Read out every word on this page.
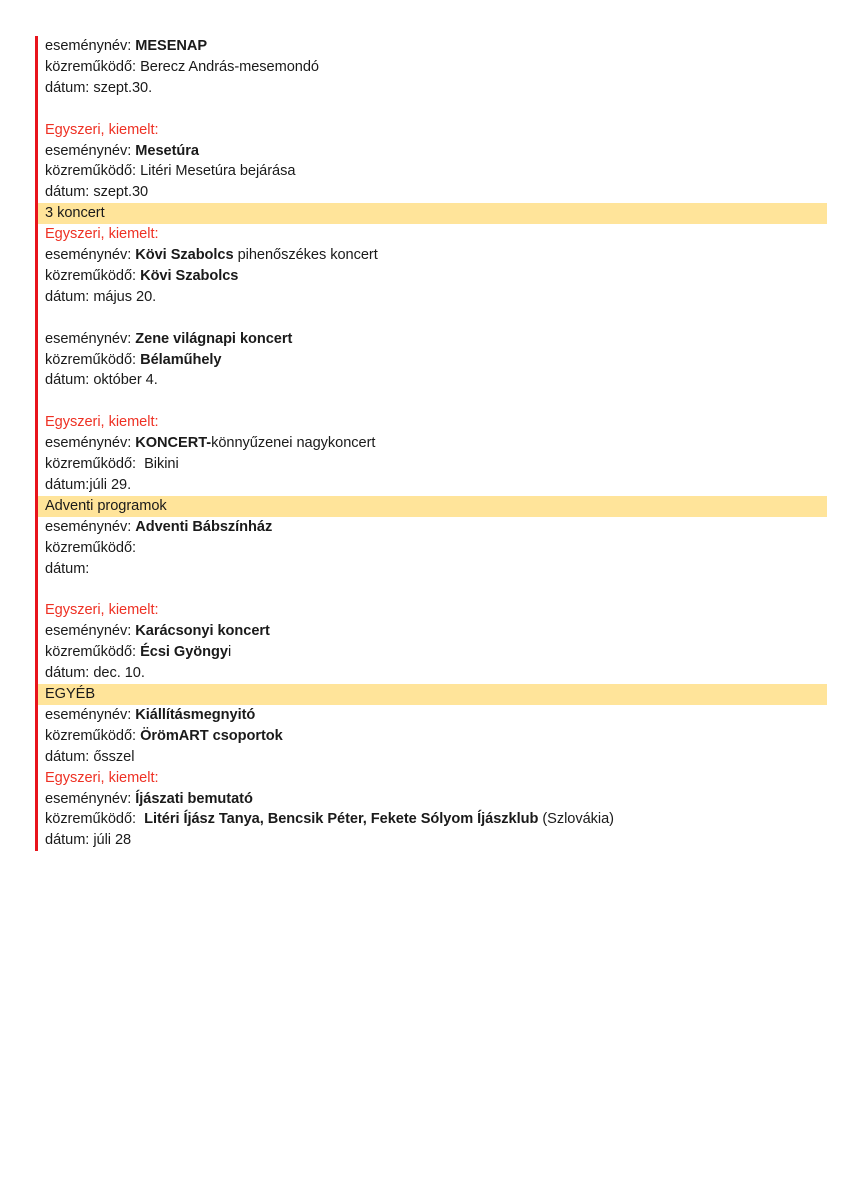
eseménynév: MESENAP
közreműködő: Berecz András-mesemondó
dátum: szept.30.

Egyszeri, kiemelt:
eseménynév: Mesetúra
közreműködő: Litéri Mesetúra bejárása
dátum: szept.30
3 koncert
Egyszeri, kiemelt:
eseménynév: Kövi Szabolcs pihenőszékes koncert
közreműködő: Kövi Szabolcs
dátum: május 20.

eseménynév: Zene világnapi koncert
közreműködő: Bélaműhely
dátum: október 4.

Egyszeri, kiemelt:
eseménynév: KONCERT-könnyűzenei nagykoncert
közreműködő:  Bikini
dátum:júli 29.
Adventi programok
eseménynév: Adventi Bábszínház
közreműködő:
dátum:

Egyszeri, kiemelt:
eseménynév: Karácsonyi koncert
közreműködő: Écsi Gyöngyi
dátum: dec. 10.
EGYÉB
eseménynév: Kiállításmegnyitó
közreműködő: ÖrömART csoportok
dátum: ősszel
Egyszeri, kiemelt:
eseménynév: Íjászati bemutató
közreműködő:  Litéri Íjász Tanya, Bencsik Péter, Fekete Sólyom Íjászklub (Szlovákia)
dátum: júli 28
